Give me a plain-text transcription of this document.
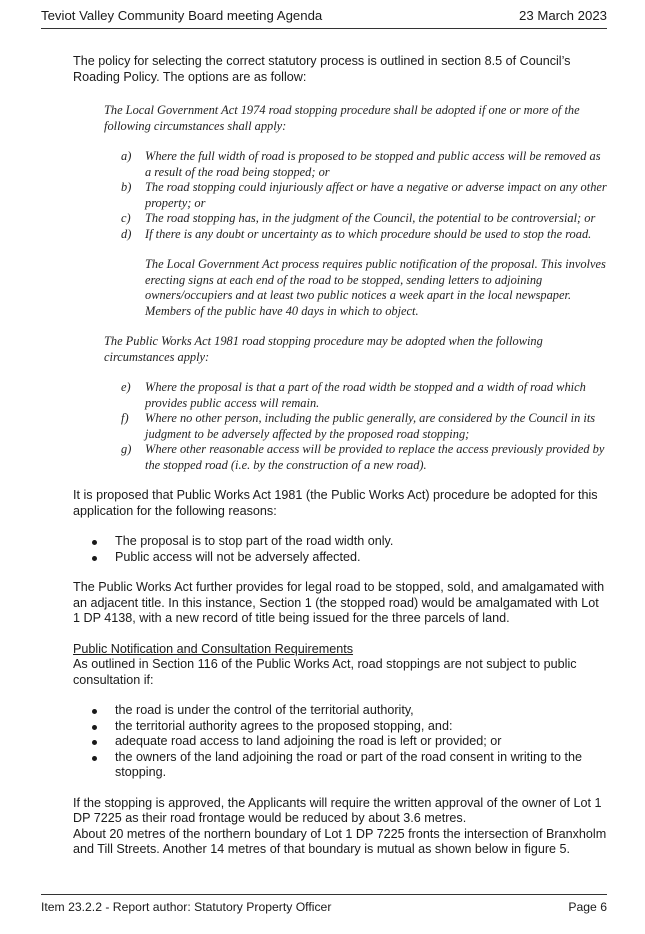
Teviot Valley Community Board meeting Agenda	23 March 2023

The policy for selecting the correct statutory process is outlined in section 8.5 of Council’s Roading Policy. The options are as follow:

The Local Government Act 1974 road stopping procedure shall be adopted if one or more of the following circumstances shall apply:

a) Where the full width of road is proposed to be stopped and public access will be removed as a result of the road being stopped; or
b) The road stopping could injuriously affect or have a negative or adverse impact on any other property; or
c) The road stopping has, in the judgment of the Council, the potential to be controversial; or
d) If there is any doubt or uncertainty as to which procedure should be used to stop the road.

The Local Government Act process requires public notification of the proposal. This involves erecting signs at each end of the road to be stopped, sending letters to adjoining owners/occupiers and at least two public notices a week apart in the local newspaper. Members of the public have 40 days in which to object.

The Public Works Act 1981 road stopping procedure may be adopted when the following circumstances apply:

e) Where the proposal is that a part of the road width be stopped and a width of road which provides public access will remain.
f) Where no other person, including the public generally, are considered by the Council in its judgment to be adversely affected by the proposed road stopping;
g) Where other reasonable access will be provided to replace the access previously provided by the stopped road (i.e. by the construction of a new road).

It is proposed that Public Works Act 1981 (the Public Works Act) procedure be adopted for this application for the following reasons:

The proposal is to stop part of the road width only.
Public access will not be adversely affected.

The Public Works Act further provides for legal road to be stopped, sold, and amalgamated with an adjacent title. In this instance, Section 1 (the stopped road) would be amalgamated with Lot 1 DP 4138, with a new record of title being issued for the three parcels of land.

Public Notification and Consultation Requirements

As outlined in Section 116 of the Public Works Act, road stoppings are not subject to public consultation if:

the road is under the control of the territorial authority,
the territorial authority agrees to the proposed stopping, and:
adequate road access to land adjoining the road is left or provided; or
the owners of the land adjoining the road or part of the road consent in writing to the stopping.

If the stopping is approved, the Applicants will require the written approval of the owner of Lot 1 DP 7225 as their road frontage would be reduced by about 3.6 metres.

About 20 metres of the northern boundary of Lot 1 DP 7225 fronts the intersection of Branxholm and Till Streets. Another 14 metres of that boundary is mutual as shown below in figure 5.

Item 23.2.2 - Report author: Statutory Property Officer	Page 6
